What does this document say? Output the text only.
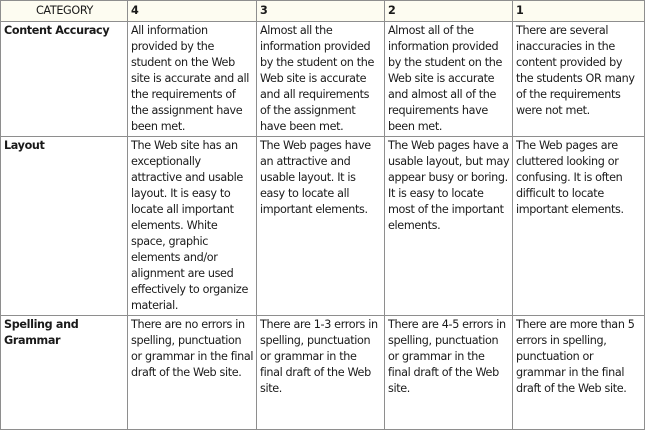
CATEGORY	4	3	2	1
Content Accuracy	All information provided by the student on the Web site is accurate and all the requirements of the assignment have been met.	Almost all the information provided by the student on the Web site is accurate and all requirements of the assignment have been met.	Almost all of the information provided by the student on the Web site is accurate and almost all of the requirements have been met.	There are several inaccuracies in the content provided by the students OR many of the requirements were not met.
Layout	The Web site has an exceptionally attractive and usable layout. It is easy to locate all important elements. White space, graphic elements and/or alignment are used effectively to organize material.	The Web pages have an attractive and usable layout. It is easy to locate all important elements.	The Web pages have a usable layout, but may appear busy or boring. It is easy to locate most of the important elements.	The Web pages are cluttered looking or confusing. It is often difficult to locate important elements.
Spelling and Grammar	There are no errors in spelling, punctuation or grammar in the final draft of the Web site.	There are 1-3 errors in spelling, punctuation or grammar in the final draft of the Web site.	There are 4-5 errors in spelling, punctuation or grammar in the final draft of the Web site.	There are more than 5 errors in spelling, punctuation or grammar in the final draft of the Web site.
